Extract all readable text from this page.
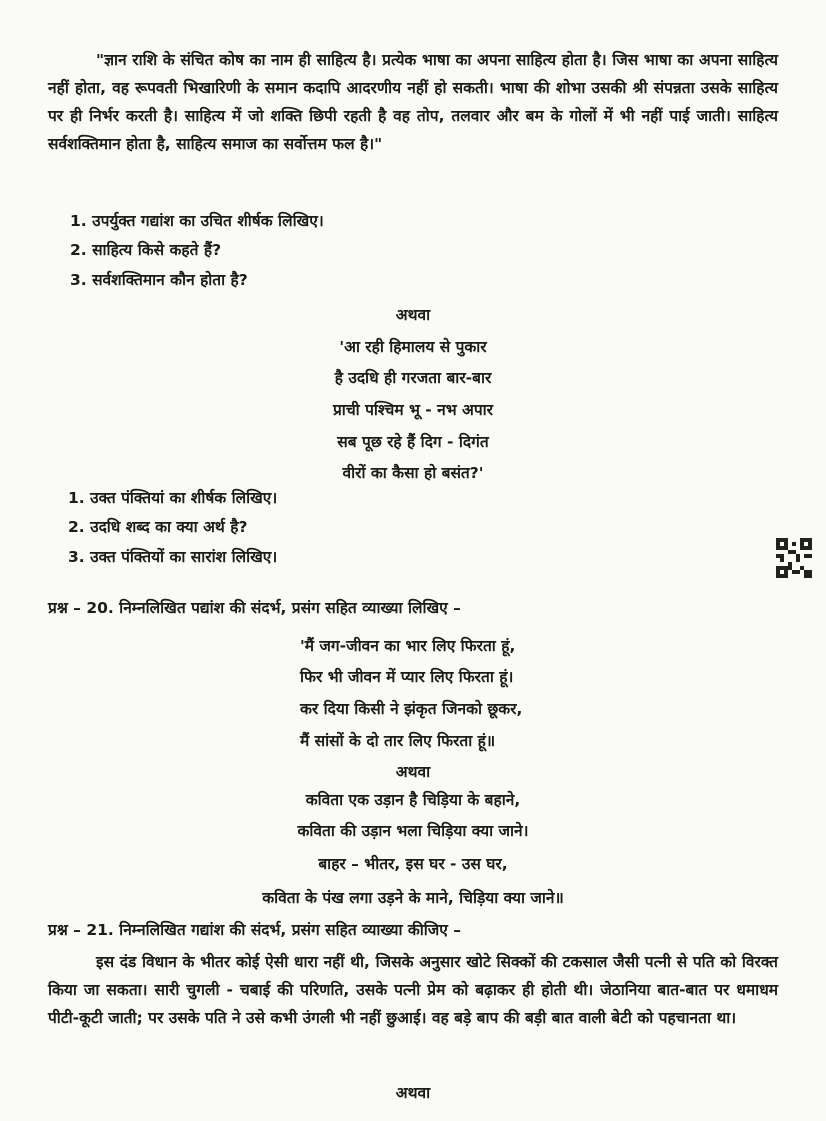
"ज्ञान राशि के संचित कोष का नाम ही साहित्य है। प्रत्येक भाषा का अपना साहित्य होता है। जिस भाषा का अपना साहित्य नहीं होता, वह रूपवती भिखारिणी के समान कदापि आदरणीय नहीं हो सकती। भाषा की शोभा उसकी श्री संपन्नता उसके साहित्य पर ही निर्भर करती है। साहित्य में जो शक्ति छिपी रहती है वह तोप, तलवार और बम के गोलों में भी नहीं पाई जाती। साहित्य सर्वशक्तिमान होता है, साहित्य समाज का सर्वोत्तम फल है।"

1. उपर्युक्त गद्यांश का उचित शीर्षक लिखिए।
2. साहित्य किसे कहते हैं?
3. सर्वशक्तिमान कौन होता है?
अथवा
'आ रही हिमालय से पुकार
है उदधि ही गरजता बार-बार
प्राची पश्चिम भू - नभ अपार
सब पूछ रहे हैं दिग - दिगंत
वीरों का कैसा हो बसंत?'
1. उक्त पंक्तियां का शीर्षक लिखिए।
2. उदधि शब्द का क्या अर्थ है?
3. उक्त पंक्तियों का सारांश लिखिए।
प्रश्न – 20. निम्नलिखित पद्यांश की संदर्भ, प्रसंग सहित व्याख्या लिखिए –
'मैं जग-जीवन का भार लिए फिरता हूं,
फिर भी जीवन में प्यार लिए फिरता हूं।
कर दिया किसी ने झंकृत जिनको छूकर,
मैं सांसों के दो तार लिए फिरता हूं॥
अथवा
कविता एक उड़ान है चिड़िया के बहाने,
कविता की उड़ान भला चिड़िया क्या जाने।
बाहर – भीतर, इस घर - उस घर,
कविता के पंख लगा उड़ने के माने, चिड़िया क्या जाने॥
प्रश्न – 21. निम्नलिखित गद्यांश की संदर्भ, प्रसंग सहित व्याख्या कीजिए –

इस दंड विधान के भीतर कोई ऐसी धारा नहीं थी, जिसके अनुसार खोटे सिक्कों की टकसाल जैसी पत्नी से पति को विरक्त किया जा सकता। सारी चुगली - चबाई की परिणति, उसके पत्नी प्रेम को बढ़ाकर ही होती थी। जेठानिया बात-बात पर धमाधम पीटी-कूटी जाती; पर उसके पति ने उसे कभी उंगली भी नहीं छुआई। वह बड़े बाप की बड़ी बात वाली बेटी को पहचानता था।

अथवा
